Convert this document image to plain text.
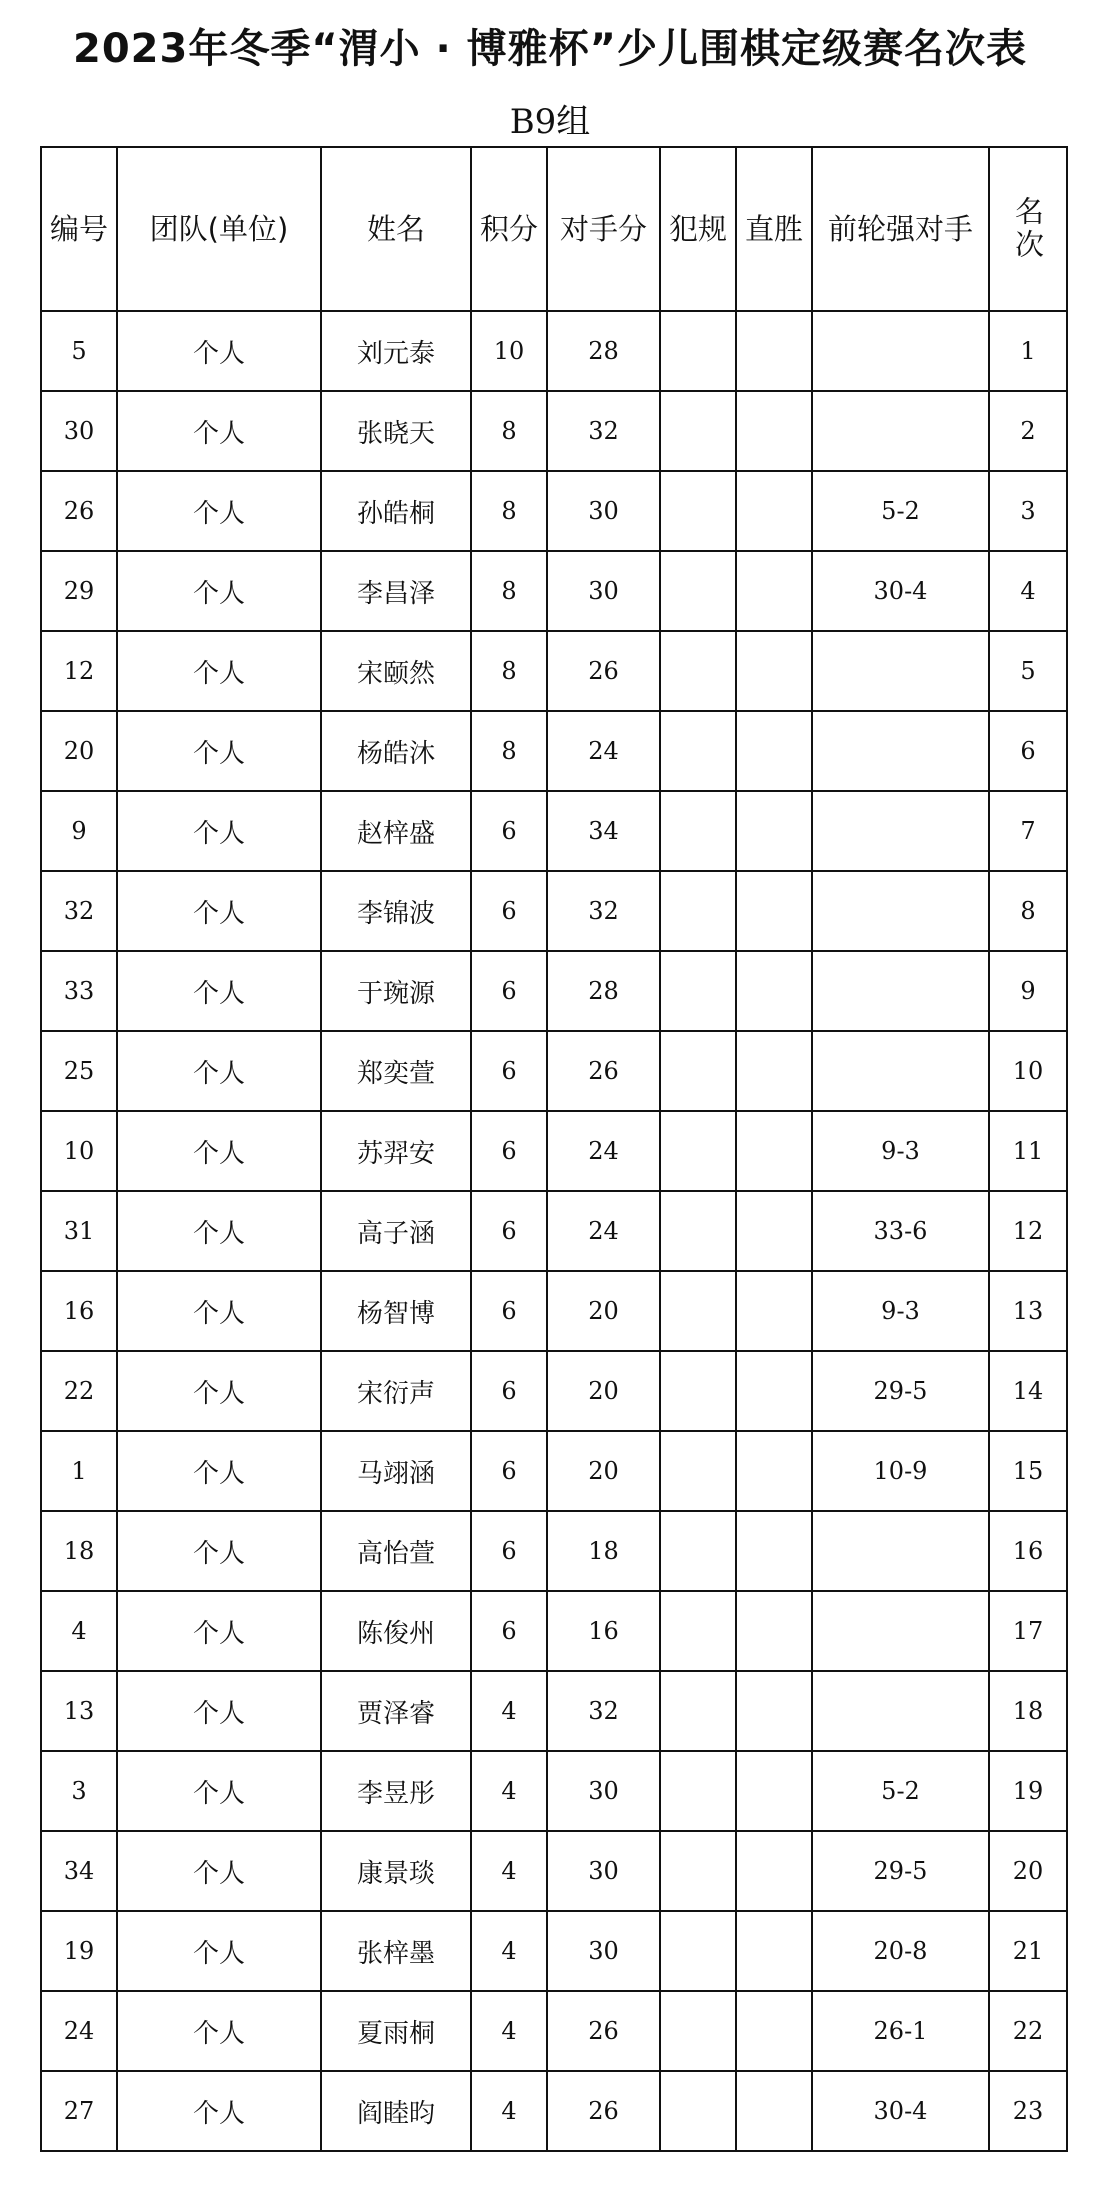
2023年冬季“渭小 · 博雅杯”少儿围棋定级赛名次表
B9组
编号	团队(单位)	姓名	积分	对手分	犯规	直胜	前轮强对手	名次
5	个人	刘元泰	10	28				1
30	个人	张晓天	8	32				2
26	个人	孙皓桐	8	30			5-2	3
29	个人	李昌泽	8	30			30-4	4
12	个人	宋颐然	8	26				5
20	个人	杨皓沐	8	24				6
9	个人	赵梓盛	6	34				7
32	个人	李锦波	6	32				8
33	个人	于琬源	6	28				9
25	个人	郑奕萱	6	26				10
10	个人	苏羿安	6	24			9-3	11
31	个人	高子涵	6	24			33-6	12
16	个人	杨智博	6	20			9-3	13
22	个人	宋衍声	6	20			29-5	14
1	个人	马翊涵	6	20			10-9	15
18	个人	高怡萱	6	18				16
4	个人	陈俊州	6	16				17
13	个人	贾泽睿	4	32				18
3	个人	李昱彤	4	30			5-2	19
34	个人	康景琰	4	30			29-5	20
19	个人	张梓墨	4	30			20-8	21
24	个人	夏雨桐	4	26			26-1	22
27	个人	阎睦昀	4	26			30-4	23
